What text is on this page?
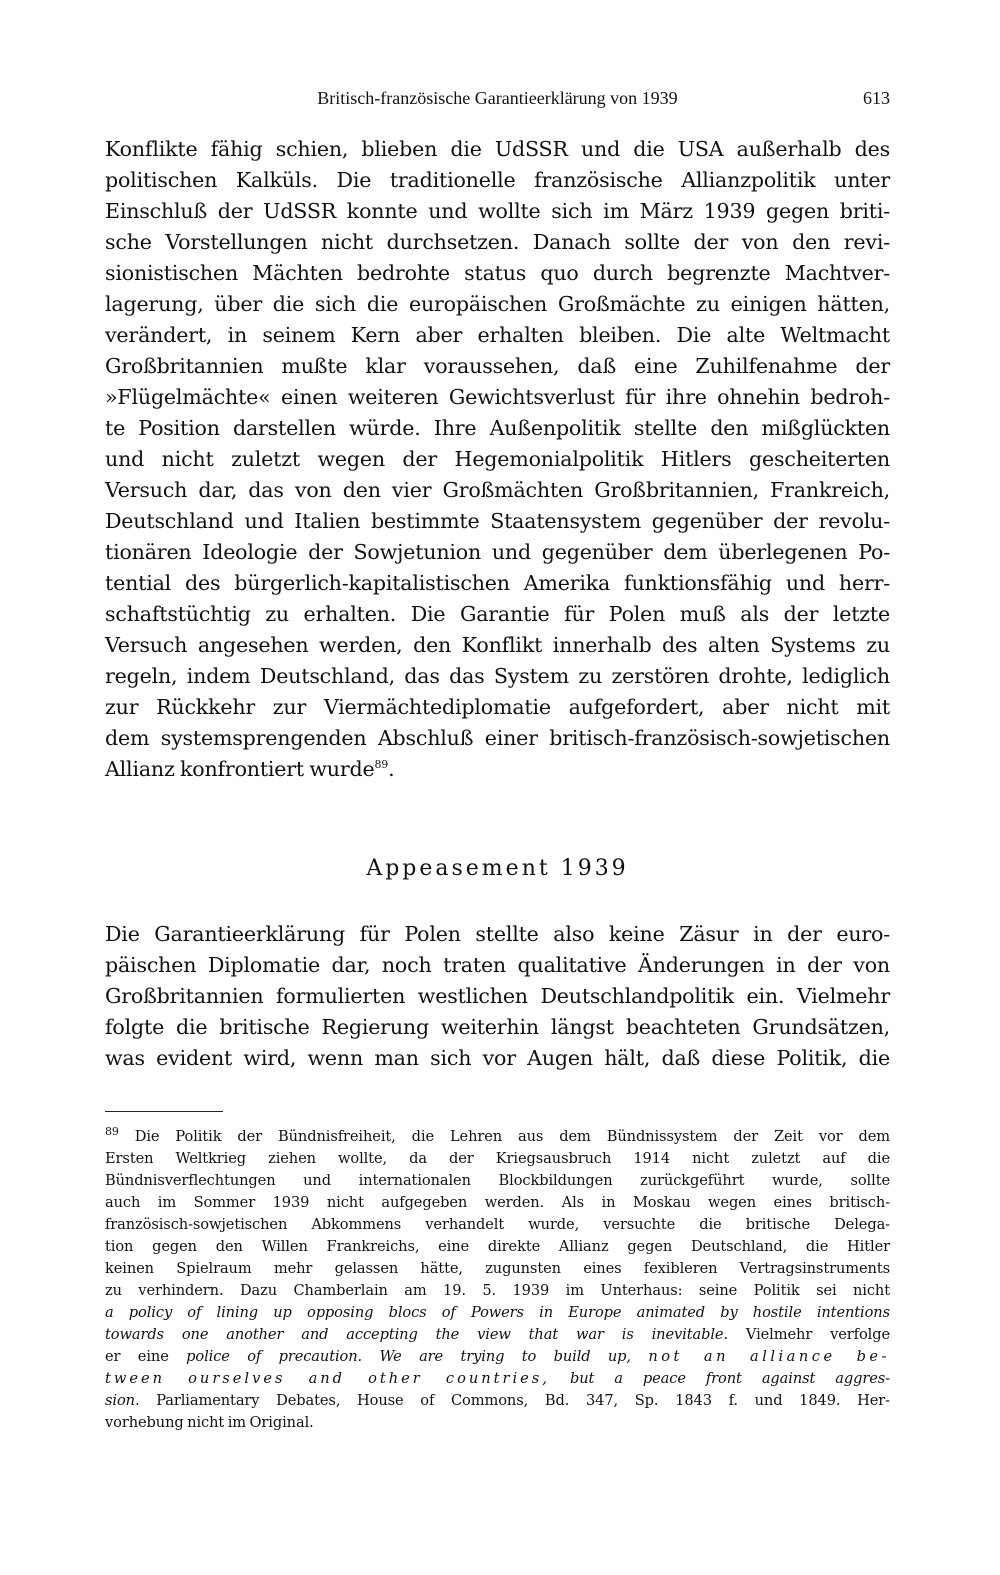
Britisch-französische Garantieerklärung von 1939	613
Konflikte fähig schien, blieben die UdSSR und die USA außerhalb des
politischen Kalküls. Die traditionelle französische Allianzpolitik unter
Einschluß der UdSSR konnte und wollte sich im März 1939 gegen briti-
sche Vorstellungen nicht durchsetzen. Danach sollte der von den revi-
sionistischen Mächten bedrohte status quo durch begrenzte Machtver-
lagerung, über die sich die europäischen Großmächte zu einigen hätten,
verändert, in seinem Kern aber erhalten bleiben. Die alte Weltmacht
Großbritannien mußte klar voraussehen, daß eine Zuhilfenahme der
»Flügelmächte« einen weiteren Gewichtsverlust für ihre ohnehin bedroh-
te Position darstellen würde. Ihre Außenpolitik stellte den mißglückten
und nicht zuletzt wegen der Hegemonialpolitik Hitlers gescheiterten
Versuch dar, das von den vier Großmächten Großbritannien, Frankreich,
Deutschland und Italien bestimmte Staatensystem gegenüber der revolu-
tionären Ideologie der Sowjetunion und gegenüber dem überlegenen Po-
tential des bürgerlich-kapitalistischen Amerika funktionsfähig und herr-
schaftstüchtig zu erhalten. Die Garantie für Polen muß als der letzte
Versuch angesehen werden, den Konflikt innerhalb des alten Systems zu
regeln, indem Deutschland, das das System zu zerstören drohte, lediglich
zur Rückkehr zur Viermächtediplomatie aufgefordert, aber nicht mit
dem systemsprengenden Abschluß einer britisch-französisch-sowjetischen
Allianz konfrontiert wurde$^{89}$.
Appeasement 1939
Die Garantieerklärung für Polen stellte also keine Zäsur in der euro-
päischen Diplomatie dar, noch traten qualitative Änderungen in der von
Großbritannien formulierten westlichen Deutschlandpolitik ein. Vielmehr
folgte die britische Regierung weiterhin längst beachteten Grundsätzen,
was evident wird, wenn man sich vor Augen hält, daß diese Politik, die
$^{89}$ Die Politik der Bündnisfreiheit, die Lehren aus dem Bündnissystem der Zeit vor dem
Ersten Weltkrieg ziehen wollte, da der Kriegsausbruch 1914 nicht zuletzt auf die
Bündnisverflechtungen und internationalen Blockbildungen zurückgeführt wurde, sollte
auch im Sommer 1939 nicht aufgegeben werden. Als in Moskau wegen eines britisch-
französisch-sowjetischen Abkommens verhandelt wurde, versuchte die britische Delega-
tion gegen den Willen Frankreichs, eine direkte Allianz gegen Deutschland, die Hitler
keinen Spielraum mehr gelassen hätte, zugunsten eines fexibleren Vertragsinstruments
zu verhindern. Dazu Chamberlain am 19. 5. 1939 im Unterhaus: seine Politik sei nicht
a policy of lining up opposing blocs of Powers in Europe animated by hostile intentions
towards one another and accepting the view that war is inevitable. Vielmehr verfolge
er eine police of precaution. We are trying to build up, not an alliance be-
tween ourselves and other countries, but a peace front against aggres-
sion. Parliamentary Debates, House of Commons, Bd. 347, Sp. 1843 f. und 1849. Her-
vorhebung nicht im Original.
